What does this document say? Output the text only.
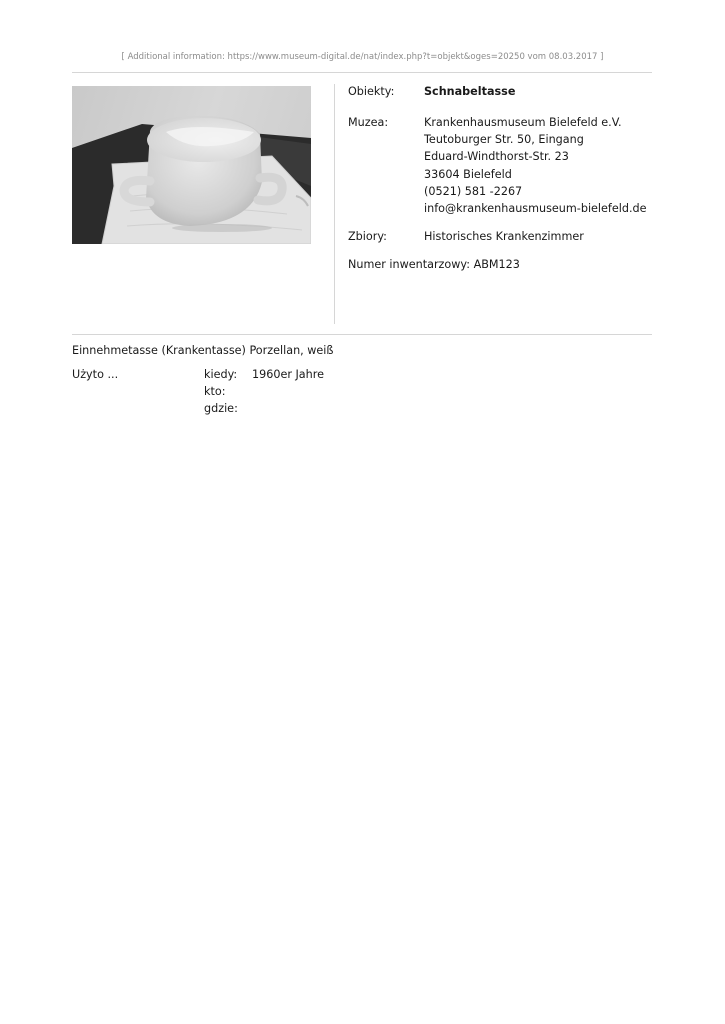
[ Additional information: https://www.museum-digital.de/nat/index.php?t=objekt&oges=20250 vom 08.03.2017 ]
Obiekty:	Schnabeltasse
Muzea:	Krankenhausmuseum Bielefeld e.V.
Teutoburger Str. 50, Eingang
Eduard-Windthorst-Str. 23
33604 Bielefeld
(0521) 581 -2267
info@krankenhausmuseum-bielefeld.de
Zbiory:	Historisches Krankenzimmer
Numer inwentarzowy: ABM123
Einnehmetasse (Krankentasse) Porzellan, weiß
Użyto ...	kiedy: 1960er Jahre
kto:
gdzie:
